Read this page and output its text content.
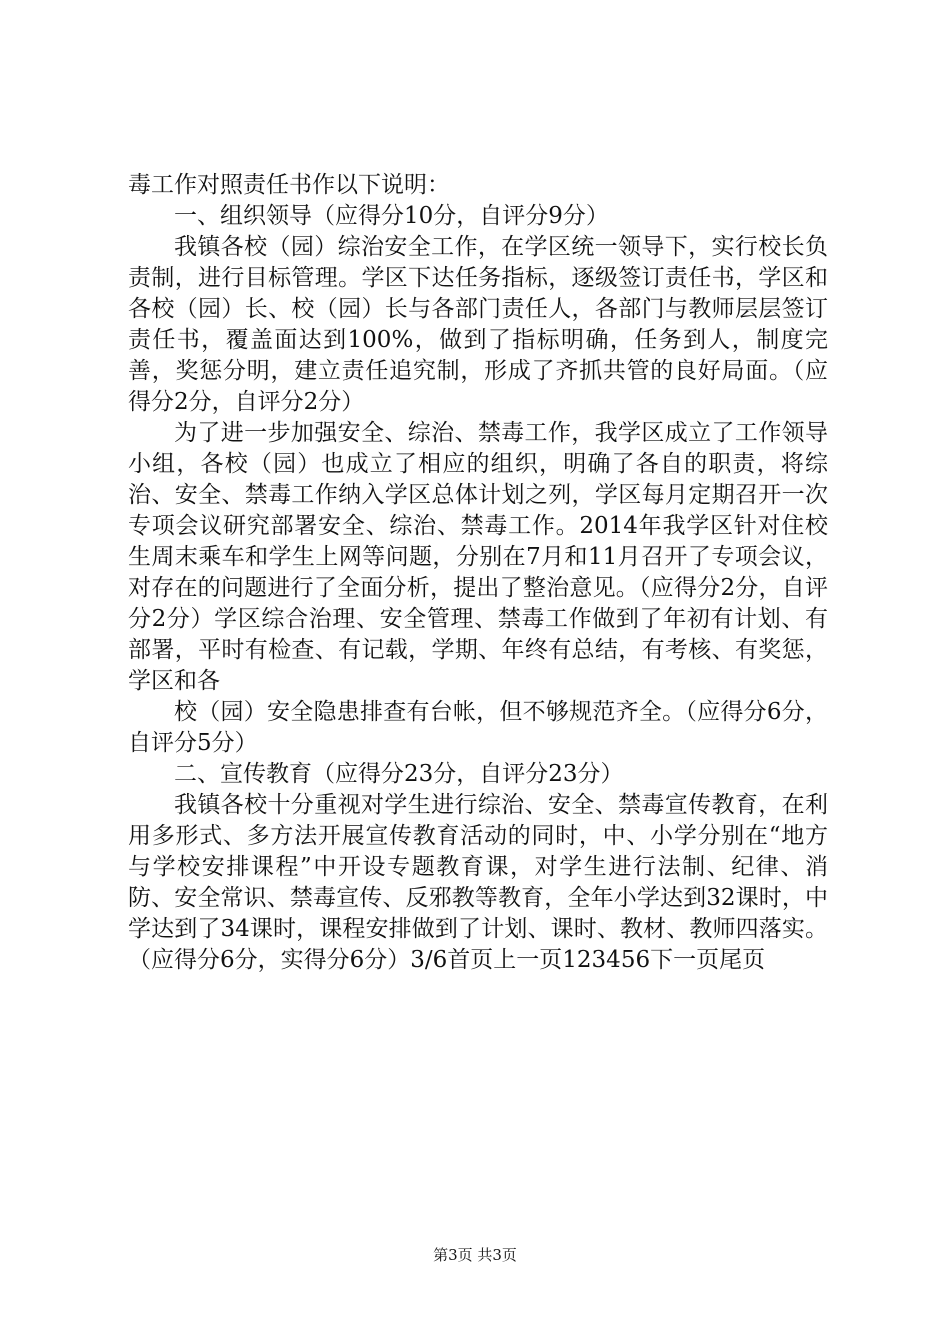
毒工作对照责任书作以下说明：

一、组织领导（应得分10分，自评分9分）

我镇各校（园）综治安全工作，在学区统一领导下，实行校长负责制，进行目标管理。学区下达任务指标，逐级签订责任书，学区和各校（园）长、校（园）长与各部门责任人，各部门与教师层层签订责任书，覆盖面达到100%，做到了指标明确，任务到人，制度完善，奖惩分明，建立责任追究制，形成了齐抓共管的良好局面。（应得分2分，自评分2分）

为了进一步加强安全、综治、禁毒工作，我学区成立了工作领导小组，各校（园）也成立了相应的组织，明确了各自的职责，将综治、安全、禁毒工作纳入学区总体计划之列，学区每月定期召开一次专项会议研究部署安全、综治、禁毒工作。2014年我学区针对住校生周末乘车和学生上网等问题，分别在7月和11月召开了专项会议，对存在的问题进行了全面分析，提出了整治意见。（应得分2分，自评分2分）学区综合治理、安全管理、禁毒工作做到了年初有计划、有部署，平时有检查、有记载，学期、年终有总结，有考核、有奖惩，学区和各

校（园）安全隐患排查有台帐，但不够规范齐全。（应得分6分，自评分5分）

二、宣传教育（应得分23分，自评分23分）

我镇各校十分重视对学生进行综治、安全、禁毒宣传教育，在利用多形式、多方法开展宣传教育活动的同时，中、小学分别在“地方与学校安排课程”中开设专题教育课，对学生进行法制、纪律、消防、安全常识、禁毒宣传、反邪教等教育，全年小学达到32课时，中学达到了34课时，课程安排做到了计划、课时、教材、教师四落实。（应得分6分，实得分6分）3/6首页上一页123456下一页尾页

第3页 共3页
